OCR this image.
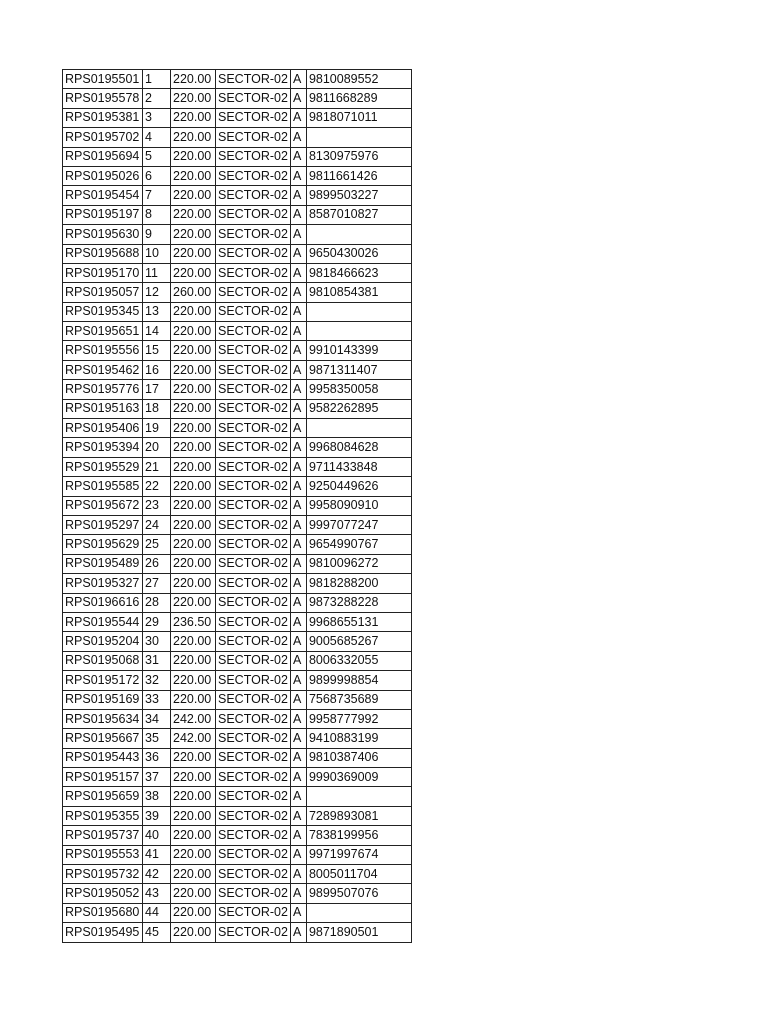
RPS0195501	1	220.00	SECTOR-02	A	9810089552
RPS0195578	2	220.00	SECTOR-02	A	9811668289
RPS0195381	3	220.00	SECTOR-02	A	9818071011
RPS0195702	4	220.00	SECTOR-02	A	
RPS0195694	5	220.00	SECTOR-02	A	8130975976
RPS0195026	6	220.00	SECTOR-02	A	9811661426
RPS0195454	7	220.00	SECTOR-02	A	9899503227
RPS0195197	8	220.00	SECTOR-02	A	8587010827
RPS0195630	9	220.00	SECTOR-02	A	
RPS0195688	10	220.00	SECTOR-02	A	9650430026
RPS0195170	11	220.00	SECTOR-02	A	9818466623
RPS0195057	12	260.00	SECTOR-02	A	9810854381
RPS0195345	13	220.00	SECTOR-02	A	
RPS0195651	14	220.00	SECTOR-02	A	
RPS0195556	15	220.00	SECTOR-02	A	9910143399
RPS0195462	16	220.00	SECTOR-02	A	9871311407
RPS0195776	17	220.00	SECTOR-02	A	9958350058
RPS0195163	18	220.00	SECTOR-02	A	9582262895
RPS0195406	19	220.00	SECTOR-02	A	
RPS0195394	20	220.00	SECTOR-02	A	9968084628
RPS0195529	21	220.00	SECTOR-02	A	9711433848
RPS0195585	22	220.00	SECTOR-02	A	9250449626
RPS0195672	23	220.00	SECTOR-02	A	9958090910
RPS0195297	24	220.00	SECTOR-02	A	9997077247
RPS0195629	25	220.00	SECTOR-02	A	9654990767
RPS0195489	26	220.00	SECTOR-02	A	9810096272
RPS0195327	27	220.00	SECTOR-02	A	9818288200
RPS0196616	28	220.00	SECTOR-02	A	9873288228
RPS0195544	29	236.50	SECTOR-02	A	9968655131
RPS0195204	30	220.00	SECTOR-02	A	9005685267
RPS0195068	31	220.00	SECTOR-02	A	8006332055
RPS0195172	32	220.00	SECTOR-02	A	9899998854
RPS0195169	33	220.00	SECTOR-02	A	7568735689
RPS0195634	34	242.00	SECTOR-02	A	9958777992
RPS0195667	35	242.00	SECTOR-02	A	9410883199
RPS0195443	36	220.00	SECTOR-02	A	9810387406
RPS0195157	37	220.00	SECTOR-02	A	9990369009
RPS0195659	38	220.00	SECTOR-02	A	
RPS0195355	39	220.00	SECTOR-02	A	7289893081
RPS0195737	40	220.00	SECTOR-02	A	7838199956
RPS0195553	41	220.00	SECTOR-02	A	9971997674
RPS0195732	42	220.00	SECTOR-02	A	8005011704
RPS0195052	43	220.00	SECTOR-02	A	9899507076
RPS0195680	44	220.00	SECTOR-02	A	
RPS0195495	45	220.00	SECTOR-02	A	9871890501
